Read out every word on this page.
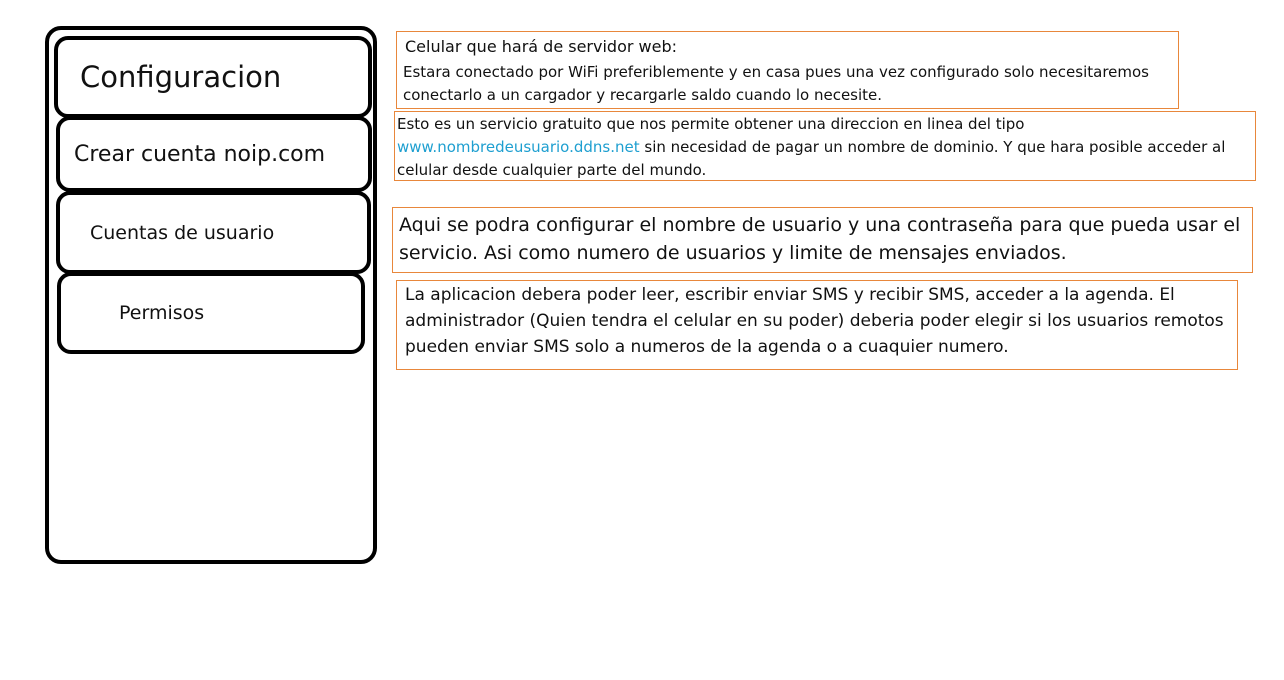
Configuracion
Crear cuenta noip.com
Cuentas de usuario
Permisos
Celular que hará de servidor web:
Estara conectado por WiFi preferiblemente y en casa pues una vez configurado solo necesitaremos conectarlo a un cargador y recargarle saldo cuando lo necesite.

Esto es un servicio gratuito que nos permite obtener una direccion en linea del tipo
www.nombredeusuario.ddns.net sin necesidad de pagar un nombre de dominio. Y que hara posible acceder al celular desde cualquier parte del mundo.

Aqui se podra configurar el nombre de usuario y una contraseña para que pueda usar el servicio. Asi como numero de usuarios y limite de mensajes enviados.

La aplicacion debera poder leer, escribir enviar SMS y recibir SMS, acceder a la agenda. El administrador (Quien tendra el celular en su poder) deberia poder elegir si los usuarios remotos pueden enviar SMS solo a numeros de la agenda o a cuaquier numero.
